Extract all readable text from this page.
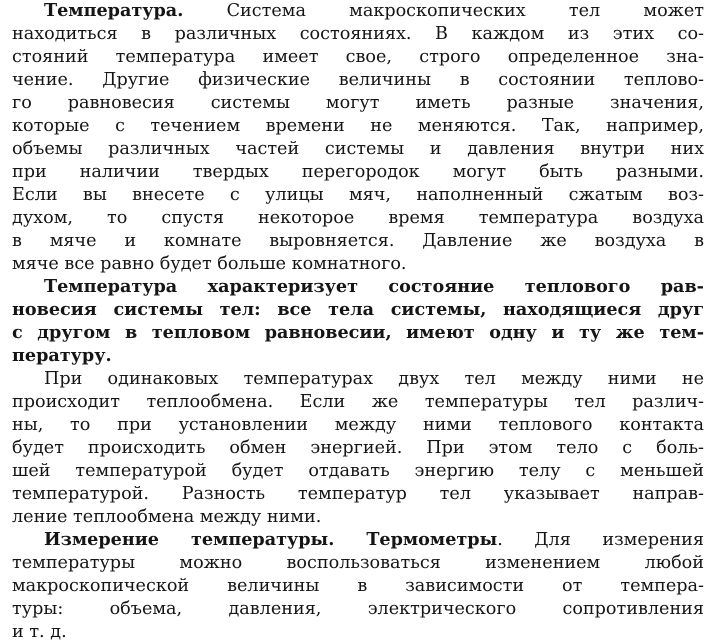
Температура. Система макроскопических тел может
находиться в различных состояниях. В каждом из этих со-
стояний температура имеет свое, строго определенное зна-
чение. Другие физические величины в состоянии теплово-
го равновесия системы могут иметь разные значения,
которые с течением времени не меняются. Так, например,
объемы различных частей системы и давления внутри них
при наличии твердых перегородок могут быть разными.
Если вы внесете с улицы мяч, наполненный сжатым воз-
духом, то спустя некоторое время температура воздуха
в мяче и комнате выровняется. Давление же воздуха в
мяче все равно будет больше комнатного.
Температура характеризует состояние теплового рав-
новесия системы тел: все тела системы, находящиеся друг
с другом в тепловом равновесии, имеют одну и ту же тем-
пературу.
При одинаковых температурах двух тел между ними не
происходит теплообмена. Если же температуры тел различ-
ны, то при установлении между ними теплового контакта
будет происходить обмен энергией. При этом тело с боль-
шей температурой будет отдавать энергию телу с меньшей
температурой. Разность температур тел указывает направ-
ление теплообмена между ними.
Измерение температуры. Термометры. Для измерения
температуры можно воспользоваться изменением любой
макроскопической величины в зависимости от темпера-
туры: объема, давления, электрического сопротивления
и т. д.
